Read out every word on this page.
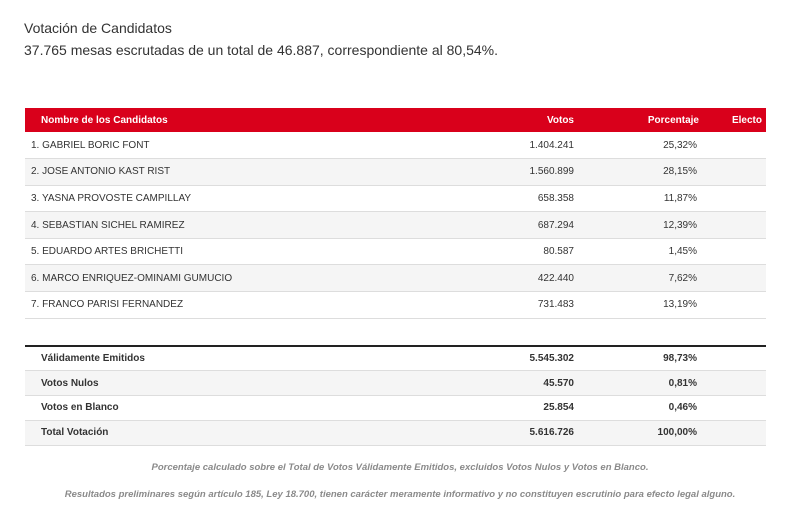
Votación de Candidatos
37.765 mesas escrutadas de un total de 46.887, correspondiente al 80,54%.
Nombre de los Candidatos	Votos	Porcentaje	Electo
1. GABRIEL BORIC FONT	1.404.241	25,32%	
2. JOSE ANTONIO KAST RIST	1.560.899	28,15%	
3. YASNA PROVOSTE CAMPILLAY	658.358	11,87%	
4. SEBASTIAN SICHEL RAMIREZ	687.294	12,39%	
5. EDUARDO ARTES BRICHETTI	80.587	1,45%	
6. MARCO ENRIQUEZ-OMINAMI GUMUCIO	422.440	7,62%	
7. FRANCO PARISI FERNANDEZ	731.483	13,19%	
Válidamente Emitidos	5.545.302	98,73%	
Votos Nulos	45.570	0,81%	
Votos en Blanco	25.854	0,46%	
Total Votación	5.616.726	100,00%	
Porcentaje calculado sobre el Total de Votos Válidamente Emitidos, excluidos Votos Nulos y Votos en Blanco.
Resultados preliminares según artículo 185, Ley 18.700, tienen carácter meramente informativo y no constituyen escrutinio para efecto legal alguno.
